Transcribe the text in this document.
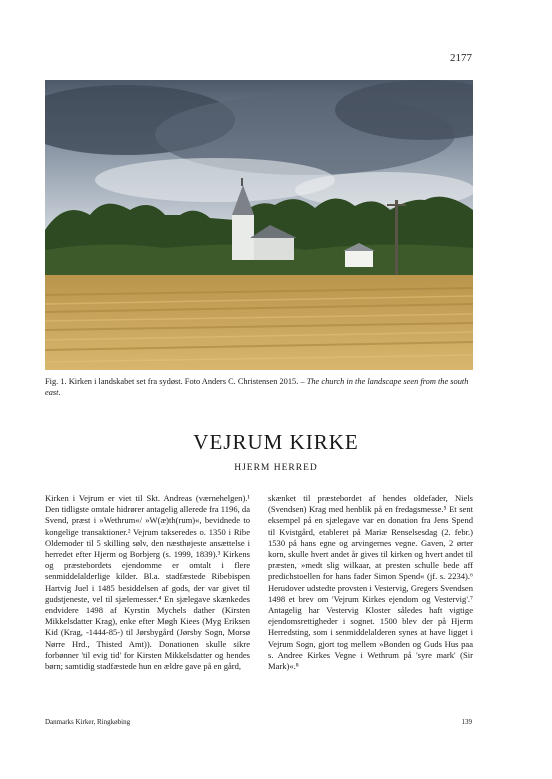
2177
Fig. 1. Kirken i landskabet set fra sydøst. Foto Anders C. Christensen 2015. – The church in the landscape seen from the south east.
VEJRUM KIRKE
HJERM HERRED
Kirken i Vejrum er viet til Skt. Andreas (værnehelgen).¹ Den tidligste omtale hidrører antagelig allerede fra 1196, da Svend, præst i »Wethrum«/ »W(æ)th(rum)«, bevidnede to kongelige transaktioner.² Vejrum takseredes o. 1350 i Ribe Oldemoder til 5 skilling sølv, den næsthøjeste ansættelse i herredet efter Hjerm og Borbjerg (s. 1999, 1839).³ Kirkens og præstebordets ejendomme er omtalt i flere senmiddelalderlige kilder. Bl.a. stadfæstede Ribebispen Hartvig Juel i 1485 besiddelsen af gods, der var givet til gudstjeneste, vel til sjælemesser.⁴ En sjælegave skænkedes endvidere 1498 af Kyrstin Mychels dather (Kirsten Mikkelsdatter Krag), enke efter Møgh Kiees (Myg Eriksen Kid (Krag, -1444-85-) til Jørsbygård (Jørsby Sogn, Morsø Nørre Hrd., Thisted Amt)). Donationen skulle sikre forbønner 'til evig tid' for Kirsten Mikkelsdatter og hendes børn; samtidig stadfæstede hun en ældre gave på en gård,
skænket til præstebordet af hendes oldefader, Niels (Svendsen) Krag med henblik på en fredagsmesse.⁵ Et sent eksempel på en sjælegave var en donation fra Jens Spend til Kvistgård, etableret på Mariæ Renselsesdag (2. febr.) 1530 på hans egne og arvingernes vegne. Gaven, 2 ørter korn, skulle hvert andet år gives til kirken og hvert andet til præsten, »medt slig wilkaar, at presten schulle bede aff predichstoellen for hans fader Simon Spend« (jf. s. 2234).⁶ Herudover udstedte provsten i Vestervig, Gregers Svendsen 1498 et brev om 'Vejrum Kirkes ejendom og Vestervig'.⁷ Antagelig har Vestervig Kloster således haft vigtige ejendomsrettigheder i sognet. 1500 blev der på Hjerm Herredsting, som i senmiddelalderen synes at have ligget i Vejrum Sogn, gjort tog mellem »Bonden og Guds Hus paa s. Andree Kirkes Vegne i Wethrum på 'syre mark' (Sir Mark)«.⁸
Danmarks Kirker, Ringkøbing	139
